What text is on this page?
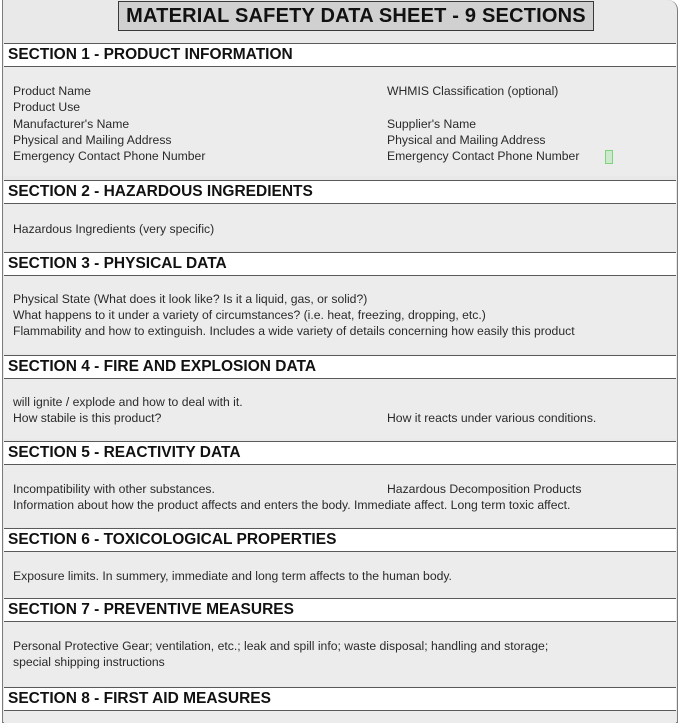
MATERIAL SAFETY DATA SHEET - 9 SECTIONS
SECTION 1 - PRODUCT INFORMATION
Product Name
Product Use
Manufacturer's Name
Physical and Mailing Address
Emergency Contact Phone Number
WHMIS Classification (optional)
Supplier's Name
Physical and Mailing Address
Emergency Contact Phone Number
SECTION 2 - HAZARDOUS INGREDIENTS
Hazardous Ingredients (very specific)
SECTION 3 - PHYSICAL DATA
Physical State (What does it look like? Is it a liquid, gas, or solid?)
What happens to it under a variety of circumstances? (i.e. heat, freezing, dropping, etc.)
Flammability and how to extinguish. Includes a wide variety of details concerning how easily this product
SECTION 4 - FIRE AND EXPLOSION DATA
will ignite / explode and how to deal with it.
How stabile is this product?	How it reacts under various conditions.
SECTION 5 - REACTIVITY DATA
Incompatibility with other substances.	Hazardous Decomposition Products
Information about how the product affects and enters the body. Immediate affect. Long term toxic affect.
SECTION 6 - TOXICOLOGICAL PROPERTIES
Exposure limits. In summery, immediate and long term affects to the human body.
SECTION 7 - PREVENTIVE MEASURES
Personal Protective Gear; ventilation, etc.; leak and spill info; waste disposal; handling and storage;
special shipping instructions
SECTION 8 - FIRST AID MEASURES
